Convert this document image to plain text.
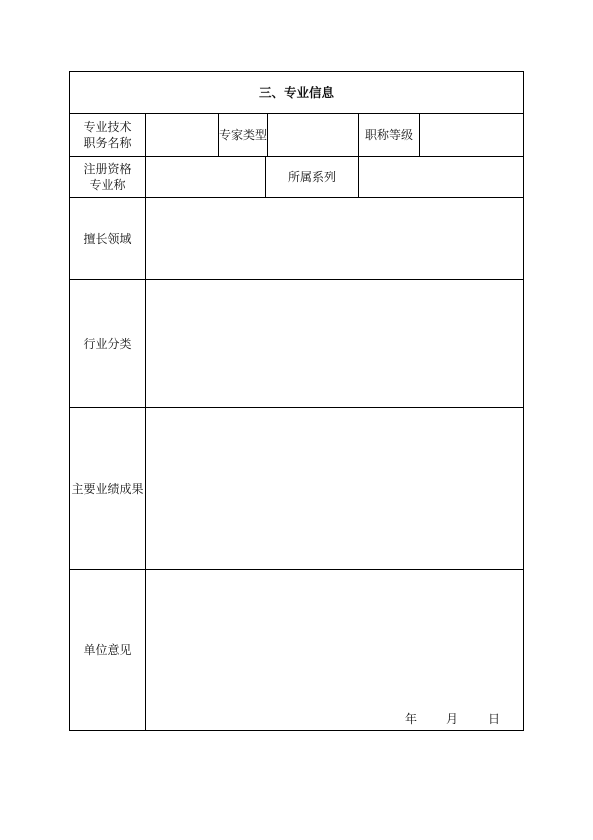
三、专业信息
专业技术
职务名称
专家类型	职称等级
注册资格
专业称
所属系列
擅长领域
行业分类
主要业绩成果
单位意见
年 月 日
